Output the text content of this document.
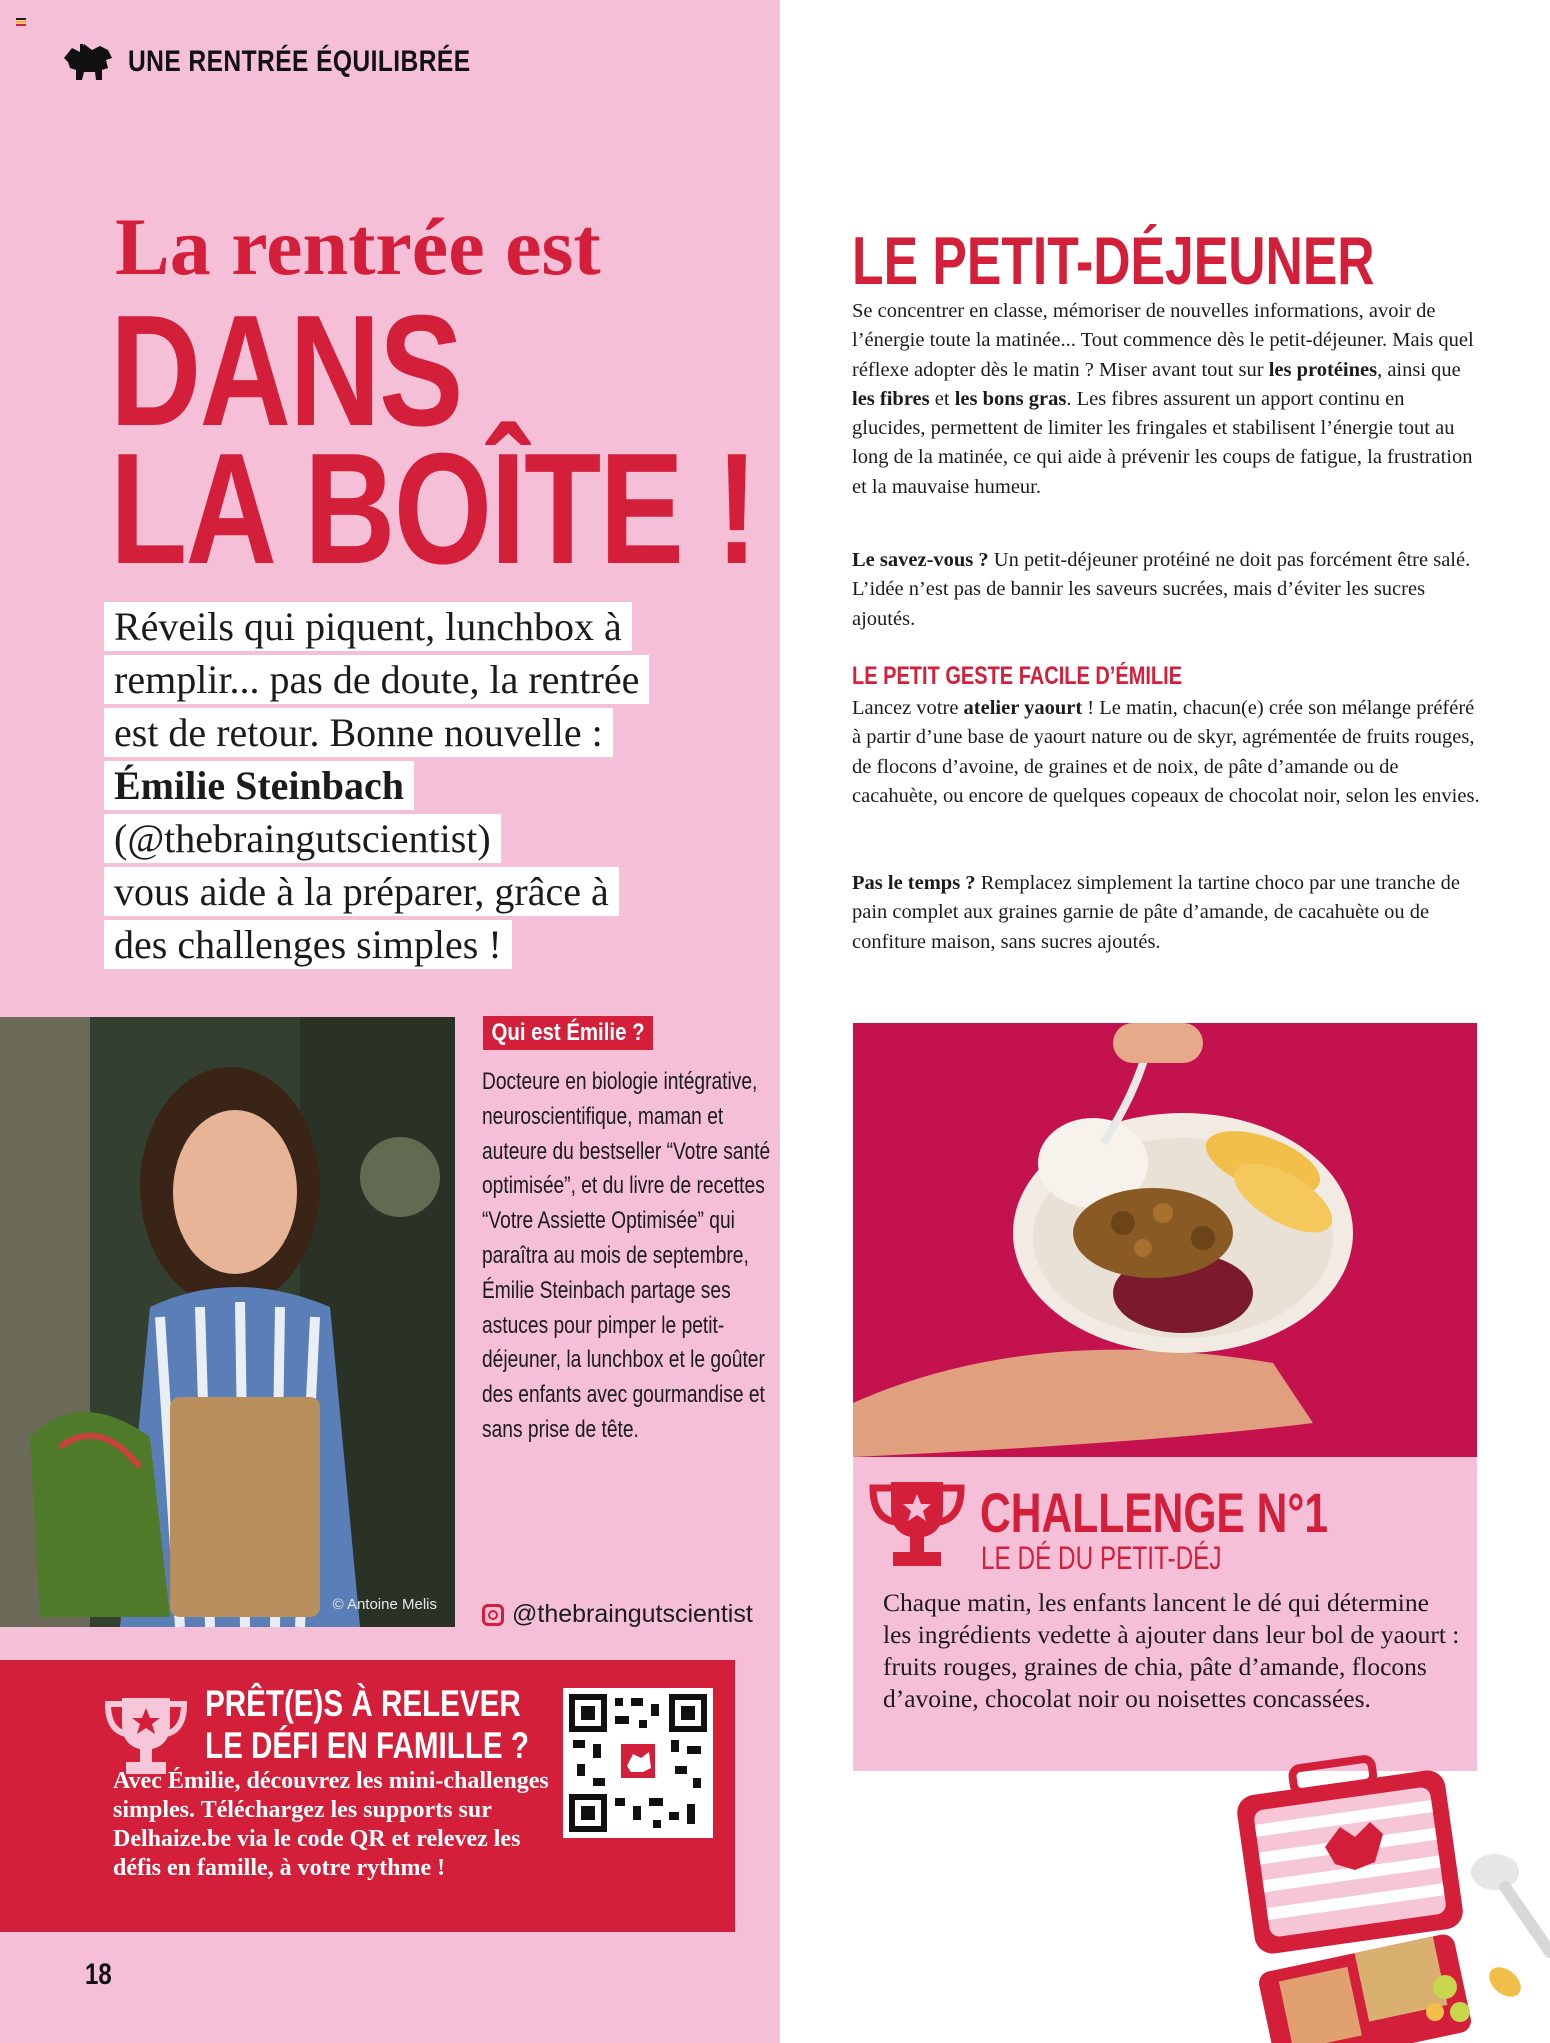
UNE RENTRÉE ÉQUILIBRÉE
La rentrée est
DANS
LA BOÎTE !
Réveils qui piquent, lunchbox à
remplir... pas de doute, la rentrée
est de retour. Bonne nouvelle :
Émilie Steinbach
(@thebraingutscientist)
vous aide à la préparer, grâce à
des challenges simples !
© Antoine Melis
Qui est Émilie ?
Docteure en biologie intégrative, neuroscientifique, maman et auteure du bestseller “Votre santé optimisée”, et du livre de recettes “Votre Assiette Optimisée” qui paraîtra au mois de septembre, Émilie Steinbach partage ses astuces pour pimper le petit-déjeuner, la lunchbox et le goûter des enfants avec gourmandise et sans prise de tête.
@thebraingutscientist
PRÊT(E)S À RELEVER
LE DÉFI EN FAMILLE ?
Avec Émilie, découvrez les mini-challenges simples. Téléchargez les supports sur Delhaize.be via le code QR et relevez les défis en famille, à votre rythme !
18
LE PETIT-DÉJEUNER

Se concentrer en classe, mémoriser de nouvelles informations, avoir de l’énergie toute la matinée... Tout commence dès le petit-déjeuner. Mais quel réflexe adopter dès le matin ? Miser avant tout sur les protéines, ainsi que les fibres et les bons gras. Les fibres assurent un apport continu en glucides, permettent de limiter les fringales et stabilisent l’énergie tout au long de la matinée, ce qui aide à prévenir les coups de fatigue, la frustration et la mauvaise humeur.

Le savez-vous ? Un petit-déjeuner protéiné ne doit pas forcément être salé. L’idée n’est pas de bannir les saveurs sucrées, mais d’éviter les sucres ajoutés.

LE PETIT GESTE FACILE D’ÉMILIE

Lancez votre atelier yaourt ! Le matin, chacun(e) crée son mélange préféré à partir d’une base de yaourt nature ou de skyr, agrémentée de fruits rouges, de flocons d’avoine, de graines et de noix, de pâte d’amande ou de cacahuète, ou encore de quelques copeaux de chocolat noir, selon les envies.

Pas le temps ? Remplacez simplement la tartine choco par une tranche de pain complet aux graines garnie de pâte d’amande, de cacahuète ou de confiture maison, sans sucres ajoutés.

CHALLENGE N°1
LE DÉ DU PETIT-DÉJ
Chaque matin, les enfants lancent le dé qui détermine les ingrédients vedette à ajouter dans leur bol de yaourt : fruits rouges, graines de chia, pâte d’amande, flocons d’avoine, chocolat noir ou noisettes concassées.
